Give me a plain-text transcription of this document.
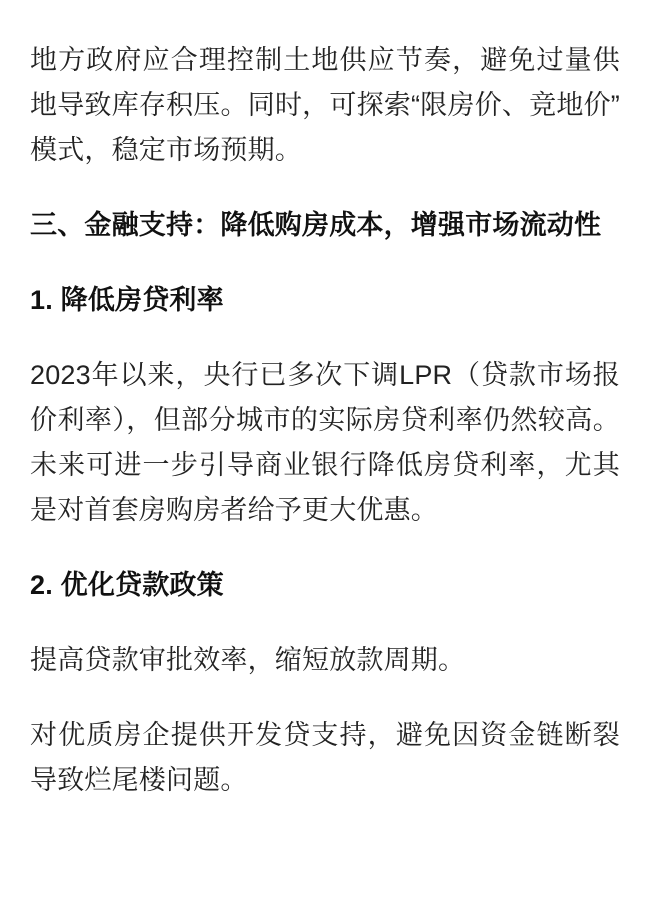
地方政府应合理控制土地供应节奏，避免过量供地导致库存积压。同时，可探索“限房价、竞地价”模式，稳定市场预期。

三、金融支持：降低购房成本，增强市场流动性
1. 降低房贷利率

2023年以来，央行已多次下调LPR（贷款市场报价利率），但部分城市的实际房贷利率仍然较高。未来可进一步引导商业银行降低房贷利率，尤其是对首套房购房者给予更大优惠。

2. 优化贷款政策

提高贷款审批效率，缩短放款周期。

对优质房企提供开发贷支持，避免因资金链断裂导致烂尾楼问题。
